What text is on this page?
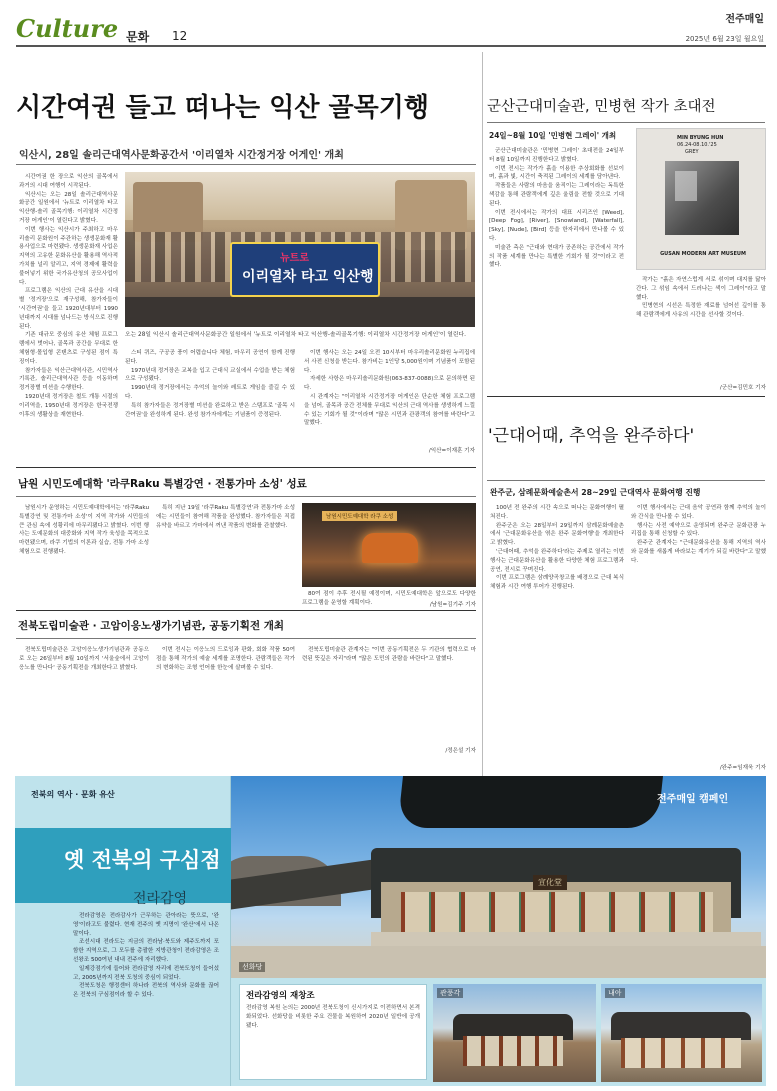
Culture 문화 12
전주매일
2025년 6월 23일 월요일
시간여권 들고 떠나는 익산 골목기행
익산시, 28일 솔리근대역사문화공간서 '이리열차 시간정거장 어게인' 개최

시간여권 한 장으로 익산의 골목에서 과거의 시대 여행이 시작된다.

익산시는 오는 28일 솔리근대역사문화공간 일원에서 '뉴트로 이리열차 타고 익산행-솔리 골목기행: 이리열차 시간정거장 어게인'이 열린다고 밝혔다.

이번 행사는 익산시가 주최하고 마우리솔리 문화원이 주관하는 생생문화재 활용사업으로 마련됐다. 생생문화재 사업은 지역의 고유한 문화유산을 활용해 역사적 가치를 널리 알리고, 지역 경제에 활력을 불어넣기 위한 국가유산청의 공모사업이다.

프로그램은 익산의 근대 유산을 시대별 '정거장'으로 재구성해, 참가자들이 '시간여권'을 들고 1920년대부터 1990년대까지 시대를 넘나드는 방식으로 진행된다.

기존 대규모 중심의 유산 체험 프로그램에서 벗어나, 골목과 공간을 무대로 한 체험형·몰입형 콘텐츠로 구성된 점이 특징이다.

참가자들은 익산근대역사관, 시민역사기록관, 솔리근대역사관 등을 이동하며 정거장별 미션을 수행한다.

1920년대 정거장은 철도 개통 시절의 이리역을, 1950년대 정거장은 한국전쟁 이후의 생활상을 재현한다.

뉴트로
이리열차 타고 익산행
오는 28일 익산시 솔리근대역사문화공간 일원에서 '뉴트로 이리열차 타고 익산행-솔리골목기행: 이리열차 시간정거장 어게인'이 열린다.

스티 퀴즈, 구공공 풍이 어렵습니다 체험, 마우리 공연이 함께 진행된다.

1970년대 정거장은 교복을 입고 근대식 교실에서 수업을 받는 체험으로 구성됐다.

1990년대 정거장에서는 추억의 놀이와 레트로 게임을 즐길 수 있다.

특히 참가자들은 정거장별 미션을 완료하고 받은 스탬프로 '골목 시간여권'을 완성하게 된다. 완성 참가자에게는 기념품이 증정된다.

이번 행사는 오는 24일 오전 10시부터 마우리솔리문화원 누리집에서 사전 신청을 받는다. 참가비는 1인당 5,000원이며 기념품이 포함된다.

자세한 사항은 마우리솔리문화원(063-837-0088)으로 문의하면 된다.

시 관계자는 "이리열차 시간정거장 어게인은 단순한 체험 프로그램을 넘어, 골목과 공간 전체를 무대로 익산의 근대 역사를 생생하게 느낄 수 있는 기회가 될 것"이라며 "많은 시민과 관광객의 참여를 바란다"고 말했다.

/익산=이재훈 기자
군산근대미술관, 민병현 작가 초대전
24일~8월 10일 '민병현 그레이' 개최

군산근대미술관은 '민병현 그레이' 초대전을 24일부터 8월 10일까지 진행한다고 밝혔다.

이번 전시는 작가가 흙을 이용한 추상회화를 선보이며, 흙과 빛, 시간이 축적된 그레이의 세계를 담아낸다.

작품들은 사람의 마음을 움직이는 그레이라는 독특한 색감을 통해 관람객에게 깊은 울림을 전할 것으로 기대된다.

이번 전시에서는 작가의 대표 시리즈인 [Weed], [Deep Fog], [River], [Snowland], [Waterfall], [Sky], [Nude], [Bird] 등을 한자리에서 만나볼 수 있다.

미술관 측은 "근대와 현대가 공존하는 공간에서 작가의 작품 세계를 만나는 특별한 기회가 될 것"이라고 전했다.

MIN BYUNG HUN
06.24-08.10.'25
GREY
GUSAN MODERN ART MUSEUM

작가는 "흙은 자연스럽게 서로 섞이며 대지를 닮아간다. 그 섞임 속에서 드러나는 색이 그레이"라고 말했다.

민병현의 시선은 특정한 재료를 넘어선 깊이를 통해 관람객에게 사유의 시간을 선사할 것이다.

/군산=김민호 기자
'근대어때, 추억을 완주하다'
완주군, 삼례문화예술촌서 28~29일 근대역사 문화여행 진행

100년 전 완주의 시간 속으로 떠나는 문화여행이 펼쳐진다.

완주군은 오는 28일부터 29일까지 삼례문화예술촌에서 '근대문화유산을 엮은 완주 문화여행'을 개최한다고 밝혔다.

'근대어때, 추억을 완주하다'라는 주제로 열리는 이번 행사는 근대문화유산을 활용한 다양한 체험 프로그램과 공연, 전시로 꾸며진다.

이번 프로그램은 삼례양곡창고를 배경으로 근대 복식 체험과 시간 여행 투어가 진행된다.

이번 행사에서는 근대 음악 공연과 함께 추억의 놀이와 간식을 만나볼 수 있다.

행사는 사전 예약으로 운영되며 완주군 문화관광 누리집을 통해 신청할 수 있다.

완주군 관계자는 "근대문화유산을 통해 지역의 역사와 문화를 새롭게 바라보는 계기가 되길 바란다"고 말했다.

/완주=임재욱 기자
남원 시민도예대학 '라쿠Raku 특별강연 · 전통가마 소성' 성료

남원시가 운영하는 시민도예대학에서는 '라쿠Raku 특별강연 및 전통가마 소성'이 지역 작가와 시민들의 큰 관심 속에 성황리에 마무리됐다고 밝혔다. 이번 행사는 도예문화의 대중화와 지역 작가 육성을 목적으로 마련됐으며, 라쿠 기법의 이론과 실습, 전통 가마 소성 체험으로 진행됐다.

특히 지난 19일 '라쿠Raku 특별강연'과 전통가마 소성에는 시민들이 참여해 작품을 완성했다. 참가자들은 직접 유약을 바르고 가마에서 꺼낸 작품의 변화를 관찰했다.

남원시민도예대학 라쿠 소성

80여 점이 추후 전시될 예정이며, 시민도예대학은 앞으로도 다양한 프로그램을 운영할 계획이다.	/남원=김기주 기자
전북도립미술관 · 고암이응노생가기념관, 공동기획전 개최

전북도립미술관은 고암이응노생가기념관과 공동으로 오는 26일부터 8월 10일까지 '서울숲에서 고암이응노를 만나다' 공동기획전을 개최한다고 밝혔다.

이번 전시는 이응노의 드로잉과 판화, 회화 작품 50여 점을 통해 작가의 예술 세계를 조명한다. 관람객들은 작가의 변화하는 조형 언어를 한눈에 살펴볼 수 있다.

전북도립미술관 관계자는 "이번 공동기획전은 두 기관의 협력으로 마련된 뜻깊은 자리"라며 "많은 도민의 관람을 바란다"고 말했다.

/정은설 기자
전북의 역사 · 문화 유산
옛 전북의 구심점
전라감영

전라감영은 전라감사가 근무하는 관아라는 뜻으로, '완영'이라고도 불렸다. 현재 전주의 옛 지명이 '완산'에서 나온 말이다.

조선시대 전라도는 지금의 전라남·북도와 제주도까지 포함한 지역으로, 그 모두를 총괄한 지방관청이 전라감영은 조선왕조 500여년 내내 전주에 자리했다.

일제강점기에 들어와 전라감영 자리에 전북도청이 들어섰고, 2005년까지 전북 도청의 중심이 되었다.

전북도청은 행정센터 하나라 전북의 역사와 문화를 끊어온 전북의 구심점이라 할 수 있다.

宣化堂
전주매일 캠페인
선화당
전라감영의 재창조
전라감영 복원 논의는 2000년 전북도청이 신시가지로 이전하면서 본격화되었다. 선화당을 비롯한 주요 건물을 복원하여 2020년 일반에 공개됐다.
관풍각	내아
